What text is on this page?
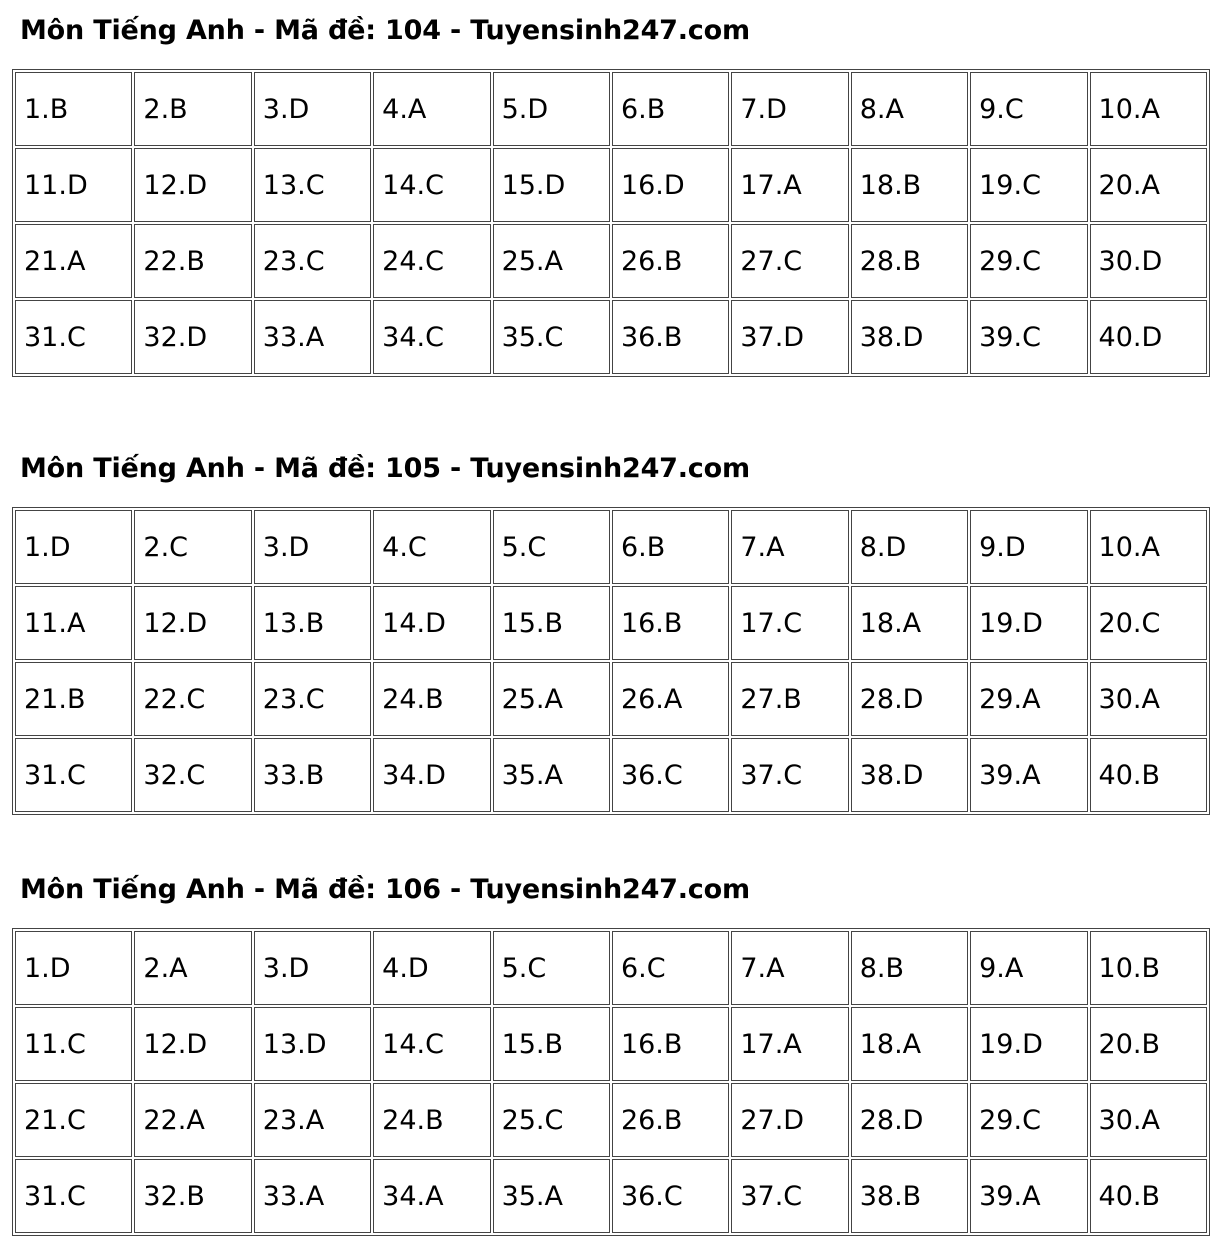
Môn Tiếng Anh - Mã đề: 104 - Tuyensinh247.com
1.B	2.B	3.D	4.A	5.D	6.B	7.D	8.A	9.C	10.A
11.D	12.D	13.C	14.C	15.D	16.D	17.A	18.B	19.C	20.A
21.A	22.B	23.C	24.C	25.A	26.B	27.C	28.B	29.C	30.D
31.C	32.D	33.A	34.C	35.C	36.B	37.D	38.D	39.C	40.D
Môn Tiếng Anh - Mã đề: 105 - Tuyensinh247.com
1.D	2.C	3.D	4.C	5.C	6.B	7.A	8.D	9.D	10.A
11.A	12.D	13.B	14.D	15.B	16.B	17.C	18.A	19.D	20.C
21.B	22.C	23.C	24.B	25.A	26.A	27.B	28.D	29.A	30.A
31.C	32.C	33.B	34.D	35.A	36.C	37.C	38.D	39.A	40.B
Môn Tiếng Anh - Mã đề: 106 - Tuyensinh247.com
1.D	2.A	3.D	4.D	5.C	6.C	7.A	8.B	9.A	10.B
11.C	12.D	13.D	14.C	15.B	16.B	17.A	18.A	19.D	20.B
21.C	22.A	23.A	24.B	25.C	26.B	27.D	28.D	29.C	30.A
31.C	32.B	33.A	34.A	35.A	36.C	37.C	38.B	39.A	40.B
